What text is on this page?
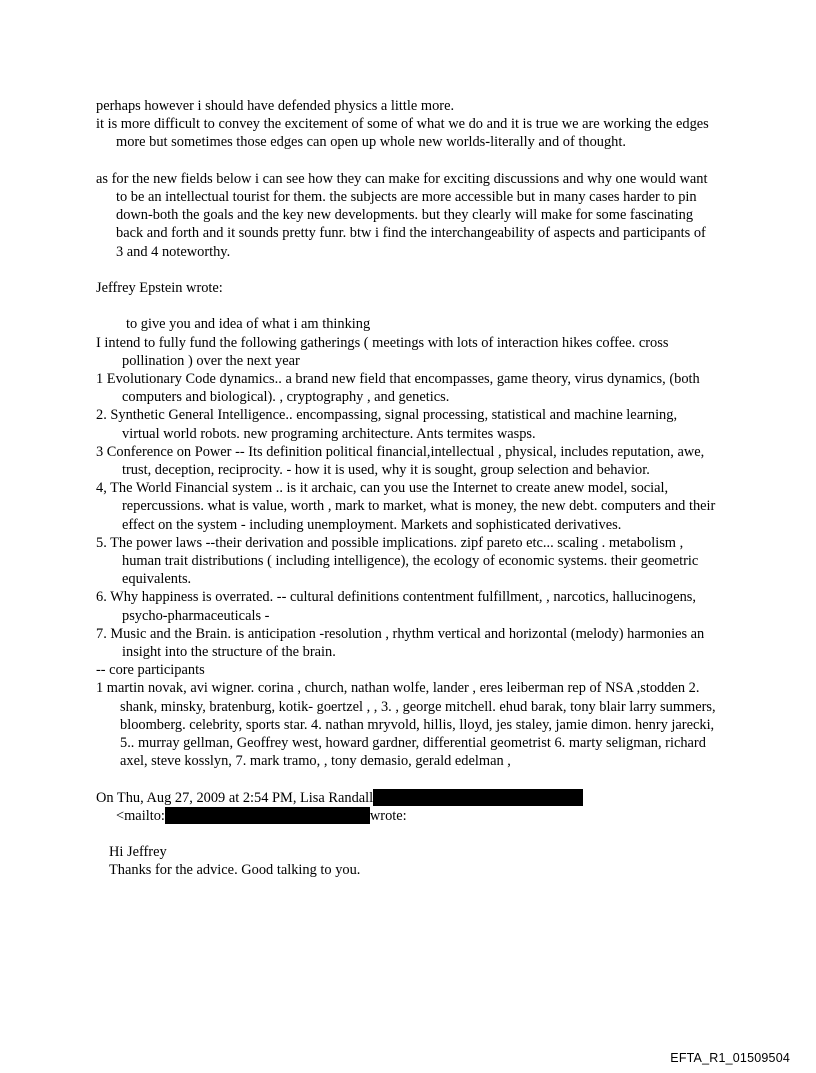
perhaps however i should have defended physics a little more.

it is more difficult to convey the excitement of some of what we do and it is true we are working the edges more but sometimes those edges can open up whole new worlds-literally and of thought.

as for the new fields below i can see how they can make for exciting discussions and why one would want to be an intellectual tourist for them. the subjects are more accessible but in many cases harder to pin down-both the goals and the key new developments. but they clearly will make for some fascinating back and forth and it sounds pretty funr. btw i find the interchangeability of aspects and participants of 3 and 4 noteworthy.

Jeffrey Epstein wrote:

to give you and idea of what i am thinking

I intend to fully fund the following gatherings ( meetings with lots of interaction hikes coffee. cross pollination ) over the next year

1 Evolutionary Code dynamics.. a brand new field that encompasses, game theory, virus dynamics, (both computers and biological). , cryptography , and genetics.

2. Synthetic General Intelligence.. encompassing, signal processing, statistical and machine learning, virtual world robots. new programing architecture. Ants termites wasps.

3 Conference on Power -- Its definition political financial,intellectual , physical, includes reputation, awe, trust, deception, reciprocity. - how it is used, why it is sought, group selection and behavior.

4, The World Financial system .. is it archaic, can you use the Internet to create anew model, social, repercussions. what is value, worth , mark to market, what is money, the new debt. computers and their effect on the system - including unemployment. Markets and sophisticated derivatives.

5. The power laws --their derivation and possible implications. zipf pareto etc... scaling . metabolism , human trait distributions ( including intelligence), the ecology of economic systems. their geometric equivalents.

6. Why happiness is overrated. -- cultural definitions contentment fulfillment, , narcotics, hallucinogens, psycho-pharmaceuticals -

7. Music and the Brain. is anticipation -resolution , rhythm vertical and horizontal (melody) harmonies an insight into the structure of the brain.

-- core participants

1 martin novak, avi wigner. corina , church, nathan wolfe, lander , eres leiberman rep of NSA ,stodden 2. shank, minsky, bratenburg, kotik- goertzel , , 3. , george mitchell. ehud barak, tony blair larry summers, bloomberg. celebrity, sports star. 4. nathan mryvold, hillis, lloyd, jes staley, jamie dimon. henry jarecki, 5.. murray gellman, Geoffrey west, howard gardner, differential geometrist 6. marty seligman, richard axel, steve kosslyn, 7. mark tramo, , tony demasio, gerald edelman ,

On Thu, Aug 27, 2009 at 2:54 PM, Lisa Randall
<mailto:	wrote:

Hi Jeffrey

Thanks for the advice. Good talking to you.

EFTA_R1_01509504
